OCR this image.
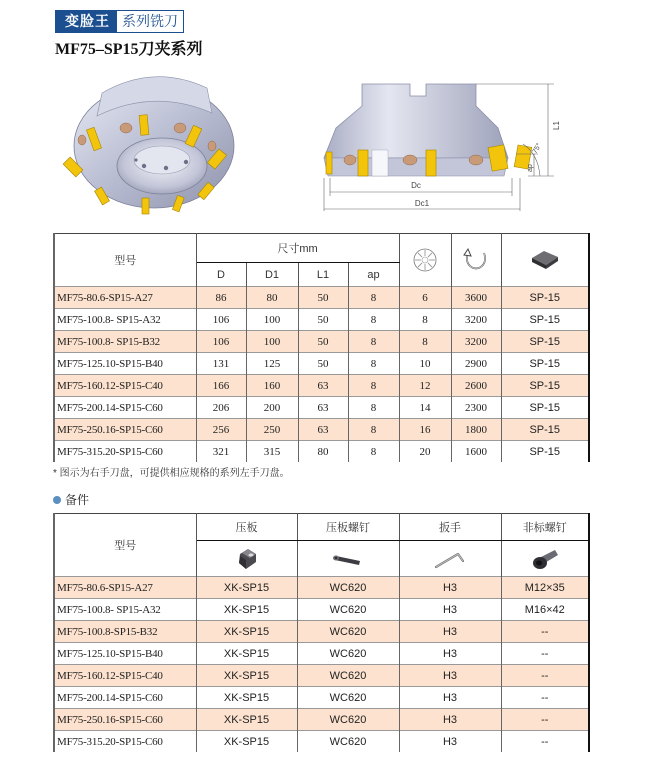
变脸王 系列铣刀
MF75–SP15刀夹系列
L1
ap
75°
Dc
Dc1
型号	尺寸mm			
	D	D1	L1	ap			
MF75-80.6-SP15-A27	86	80	50	8	6	3600	SP-15
MF75-100.8- SP15-A32	106	100	50	8	8	3200	SP-15
MF75-100.8- SP15-B32	106	100	50	8	8	3200	SP-15
MF75-125.10-SP15-B40	131	125	50	8	10	2900	SP-15
MF75-160.12-SP15-C40	166	160	63	8	12	2600	SP-15
MF75-200.14-SP15-C60	206	200	63	8	14	2300	SP-15
MF75-250.16-SP15-C60	256	250	63	8	16	1800	SP-15
MF75-315.20-SP15-C60	321	315	80	8	20	1600	SP-15
* 图示为右手刀盘，可提供相应规格的系列左手刀盘。
备件
型号	压板	压板螺钉	扳手	非标螺钉

MF75-80.6-SP15-A27	XK-SP15	WC620	H3	M12×35
MF75-100.8- SP15-A32	XK-SP15	WC620	H3	M16×42
MF75-100.8-SP15-B32	XK-SP15	WC620	H3	--
MF75-125.10-SP15-B40	XK-SP15	WC620	H3	--
MF75-160.12-SP15-C40	XK-SP15	WC620	H3	--
MF75-200.14-SP15-C60	XK-SP15	WC620	H3	--
MF75-250.16-SP15-C60	XK-SP15	WC620	H3	--
MF75-315.20-SP15-C60	XK-SP15	WC620	H3	--
